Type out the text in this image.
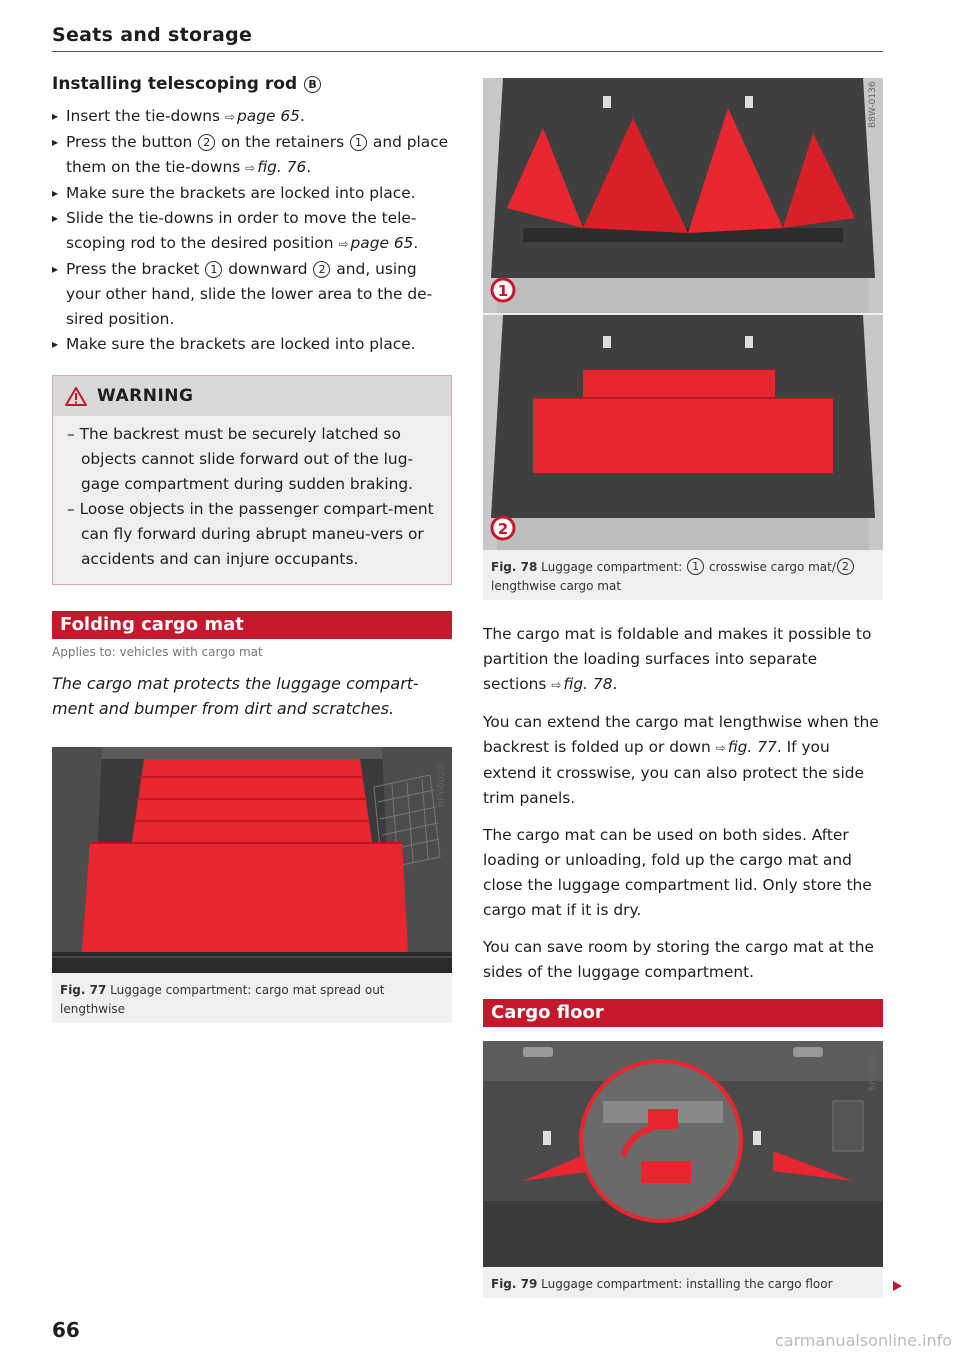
Seats and storage
Installing telescoping rod B
▸ Insert the tie-downs ⇨ page 65.
▸ Press the button 2 on the retainers 1 and place them on the tie-downs ⇨ fig. 76.
▸ Make sure the brackets are locked into place.
▸ Slide the tie-downs in order to move the tele-scoping rod to the desired position ⇨ page 65.
▸ Press the bracket 1 downward 2 and, using your other hand, slide the lower area to the de-sired position.
▸ Make sure the brackets are locked into place.
WARNING
– The backrest must be securely latched so objects cannot slide forward out of the lug-gage compartment during sudden braking.
– Loose objects in the passenger compart-ment can fly forward during abrupt maneu-vers or accidents and can injure occupants.
Folding cargo mat
Applies to: vehicles with cargo mat
The cargo mat protects the luggage compart-ment and bumper from dirt and scratches.
BFY-0020
Fig. 77 Luggage compartment: cargo mat spread out lengthwise
1
B8W-0136
2
Fig. 78 Luggage compartment: 1 crosswise cargo mat/ 2 lengthwise cargo mat
The cargo mat is foldable and makes it possible to partition the loading surfaces into separate sections ⇨ fig. 78.
You can extend the cargo mat lengthwise when the backrest is folded up or down ⇨ fig. 77. If you extend it crosswise, you can also protect the side trim panels.
The cargo mat can be used on both sides. After loading or unloading, fold up the cargo mat and close the luggage compartment lid. Only store the cargo mat if it is dry.
You can save room by storing the cargo mat at the sides of the luggage compartment.
Cargo floor
BFY-0051
Fig. 79 Luggage compartment: installing the cargo floor
66	carmanualsonline.info
